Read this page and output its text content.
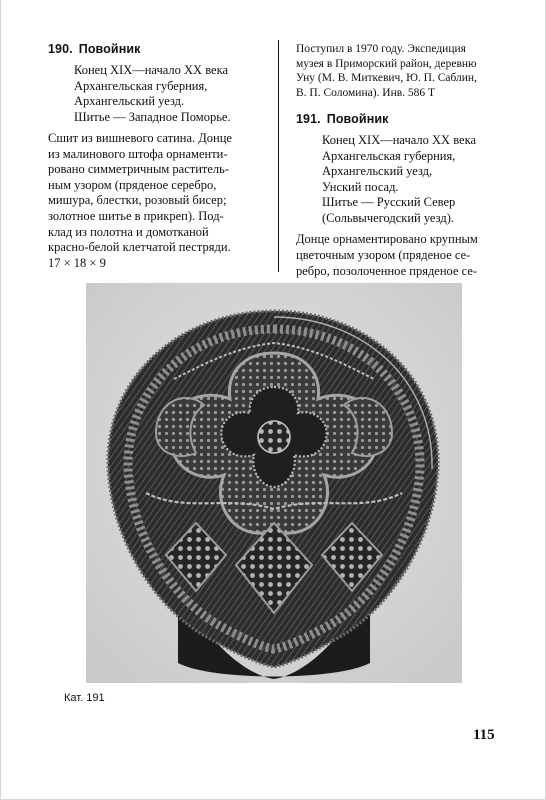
190. Повойник
Конец XIX—начало XX века
Архангельская губерния,
Архангельский уезд.
Шитье — Западное Поморье.

Сшит из вишневого сатина. Донце
из малинового штофа орнаменти-
ровано симметричным раститель-
ным узором (пряденое серебро,
мишура, блестки, розовый бисер;
золотное шитье в прикреп). Под-
клад из полотна и домотканой
красно-белой клетчатой пестряди.

17 × 18 × 9

Поступил в 1970 году. Экспедиция
музея в Приморский район, деревню
Уну (М. В. Миткевич, Ю. П. Саблин,
В. П. Соломина). Инв. 586 Т

191. Повойник
Конец XIX—начало XX века
Архангельская губерния,
Архангельский уезд,
Унский посад.
Шитье — Русский Север
(Сольвычегодский уезд).

Донце орнаментировано крупным
цветочным узором (пряденое се-
ребро, позолоченное пряденое се-

Кат. 191
115
